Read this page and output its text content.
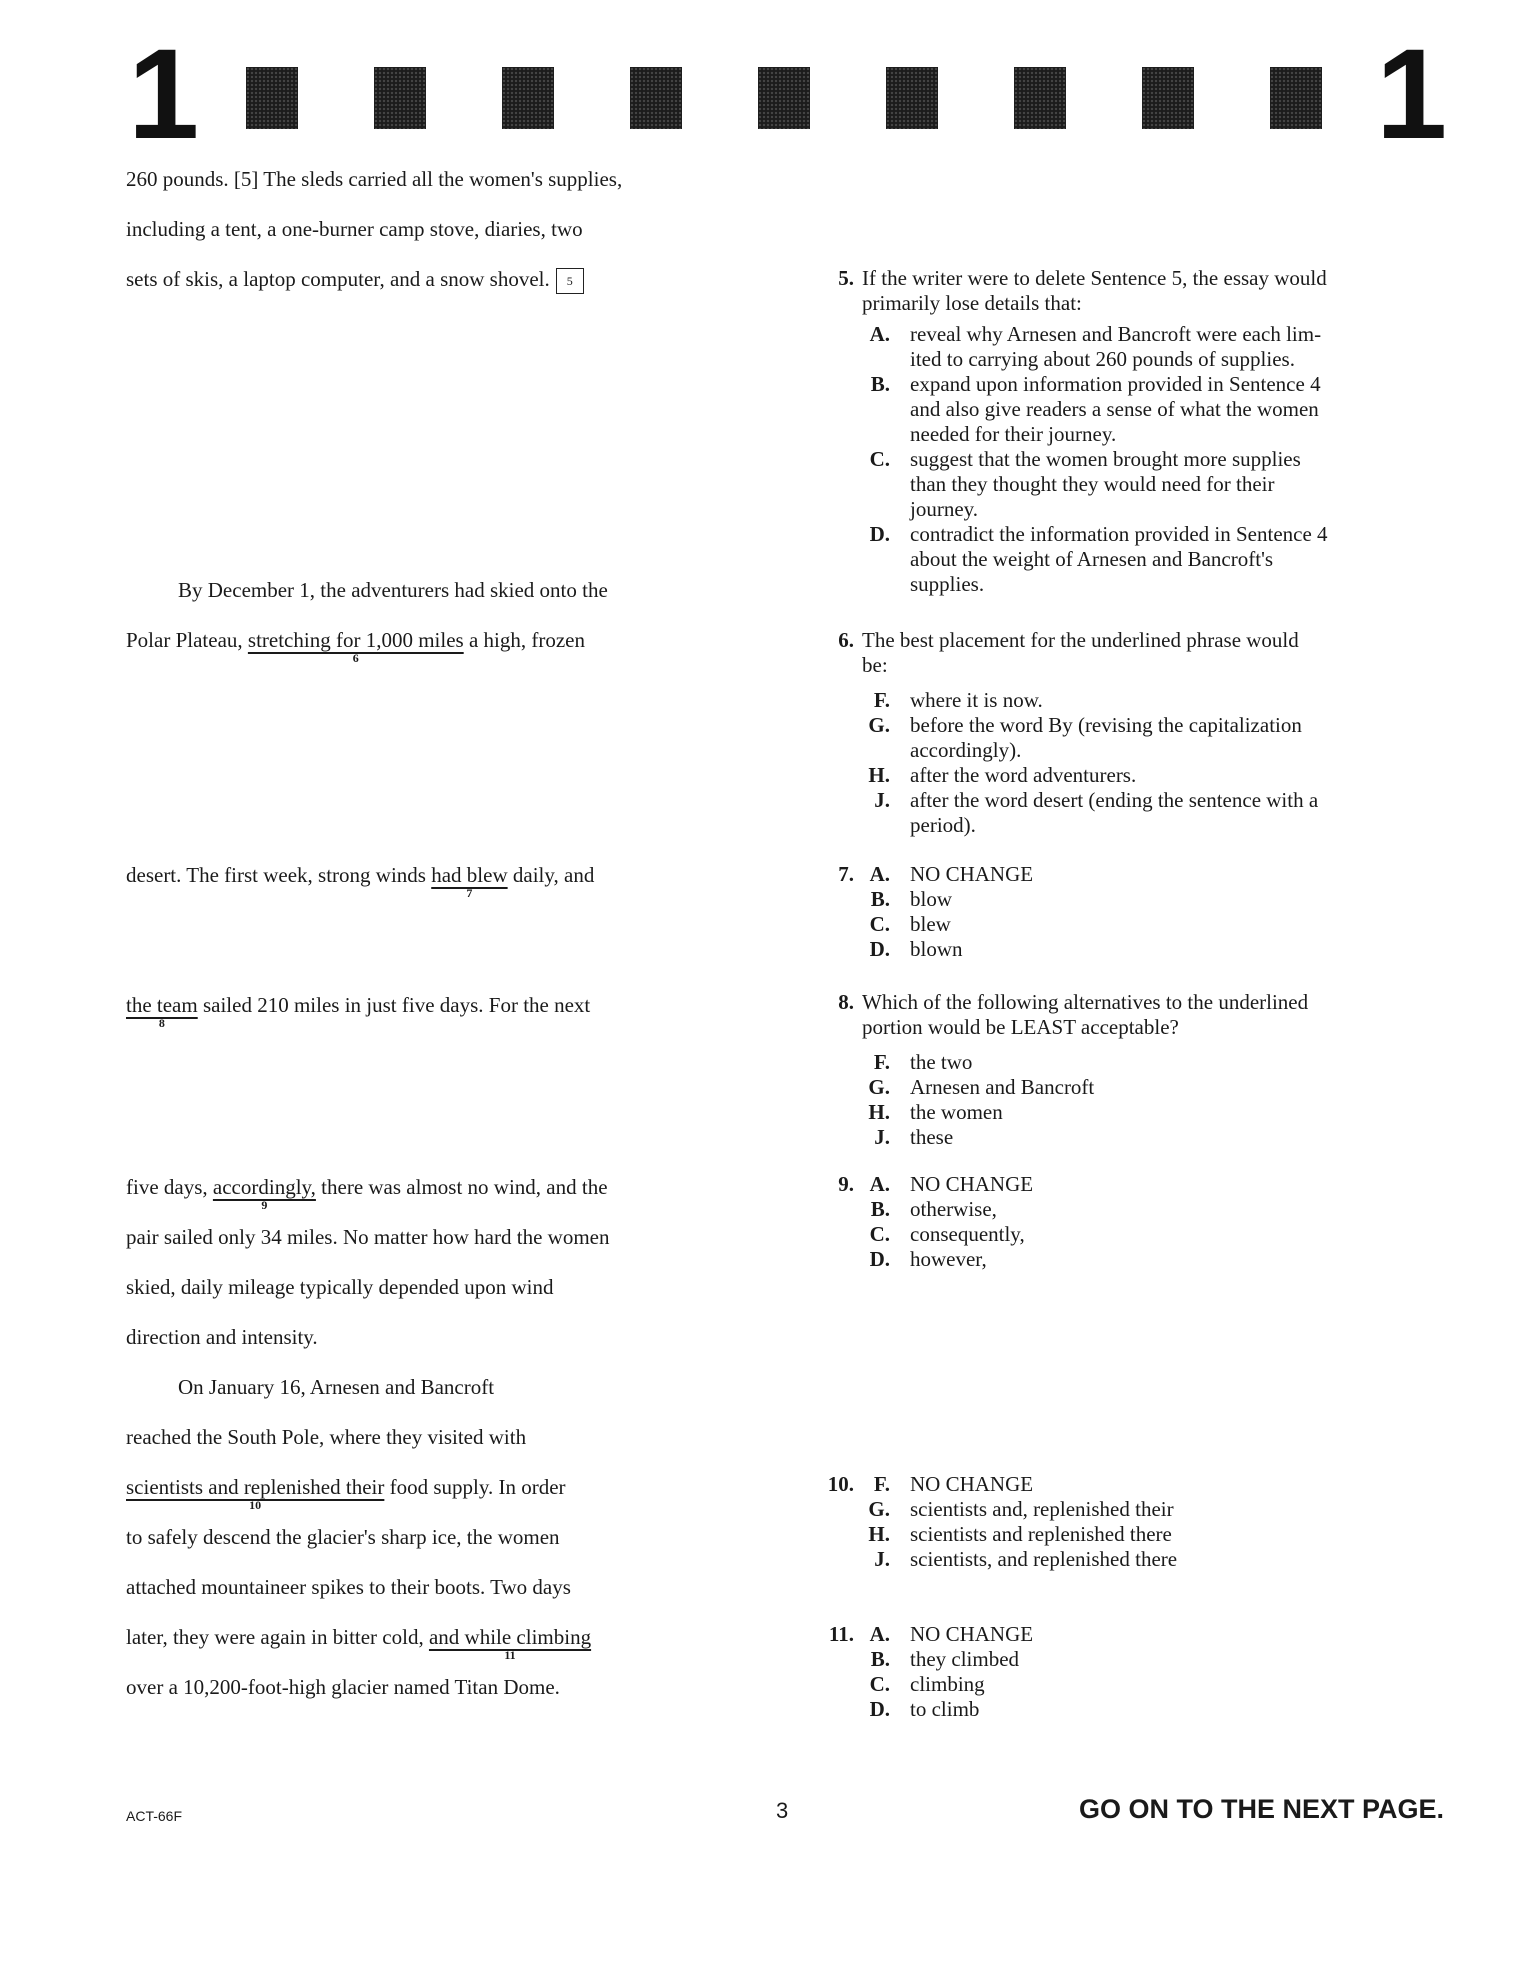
1	1
260 pounds. [5] The sleds carried all the women's supplies,
including a tent, a one-burner camp stove, diaries, two
sets of skis, a laptop computer, and a snow shovel. 5
By December 1, the adventurers had skied onto the
Polar Plateau, stretching for 1,000 miles
6
a high, frozen
desert. The first week, strong winds had blew
7
daily, and
the team
8
sailed 210 miles in just five days. For the next
five days, accordingly,
9
there was almost no wind, and the
pair sailed only 34 miles. No matter how hard the women
skied, daily mileage typically depended upon wind
direction and intensity.
On January 16, Arnesen and Bancroft
reached the South Pole, where they visited with
scientists and replenished their
10
food supply. In order
to safely descend the glacier's sharp ice, the women
attached mountaineer spikes to their boots. Two days
later, they were again in bitter cold, and while climbing
11
over a 10,200-foot-high glacier named Titan Dome.
5. If the writer were to delete Sentence 5, the essay would
primarily lose details that:
A. reveal why Arnesen and Bancroft were each lim-
ited to carrying about 260 pounds of supplies.
B. expand upon information provided in Sentence 4
and also give readers a sense of what the women
needed for their journey.
C. suggest that the women brought more supplies
than they thought they would need for their
journey.
D. contradict the information provided in Sentence 4
about the weight of Arnesen and Bancroft's
supplies.
6. The best placement for the underlined phrase would
be:
F. where it is now.
G. before the word By (revising the capitalization
accordingly).
H. after the word adventurers.
J. after the word desert (ending the sentence with a
period).
7. A. NO CHANGE
B. blow
C. blew
D. blown
8. Which of the following alternatives to the underlined
portion would be LEAST acceptable?
F. the two
G. Arnesen and Bancroft
H. the women
J. these
9. A. NO CHANGE
B. otherwise,
C. consequently,
D. however,
10. F. NO CHANGE
G. scientists and, replenished their
H. scientists and replenished there
J. scientists, and replenished there
11. A. NO CHANGE
B. they climbed
C. climbing
D. to climb
ACT-66F	3	GO ON TO THE NEXT PAGE.
